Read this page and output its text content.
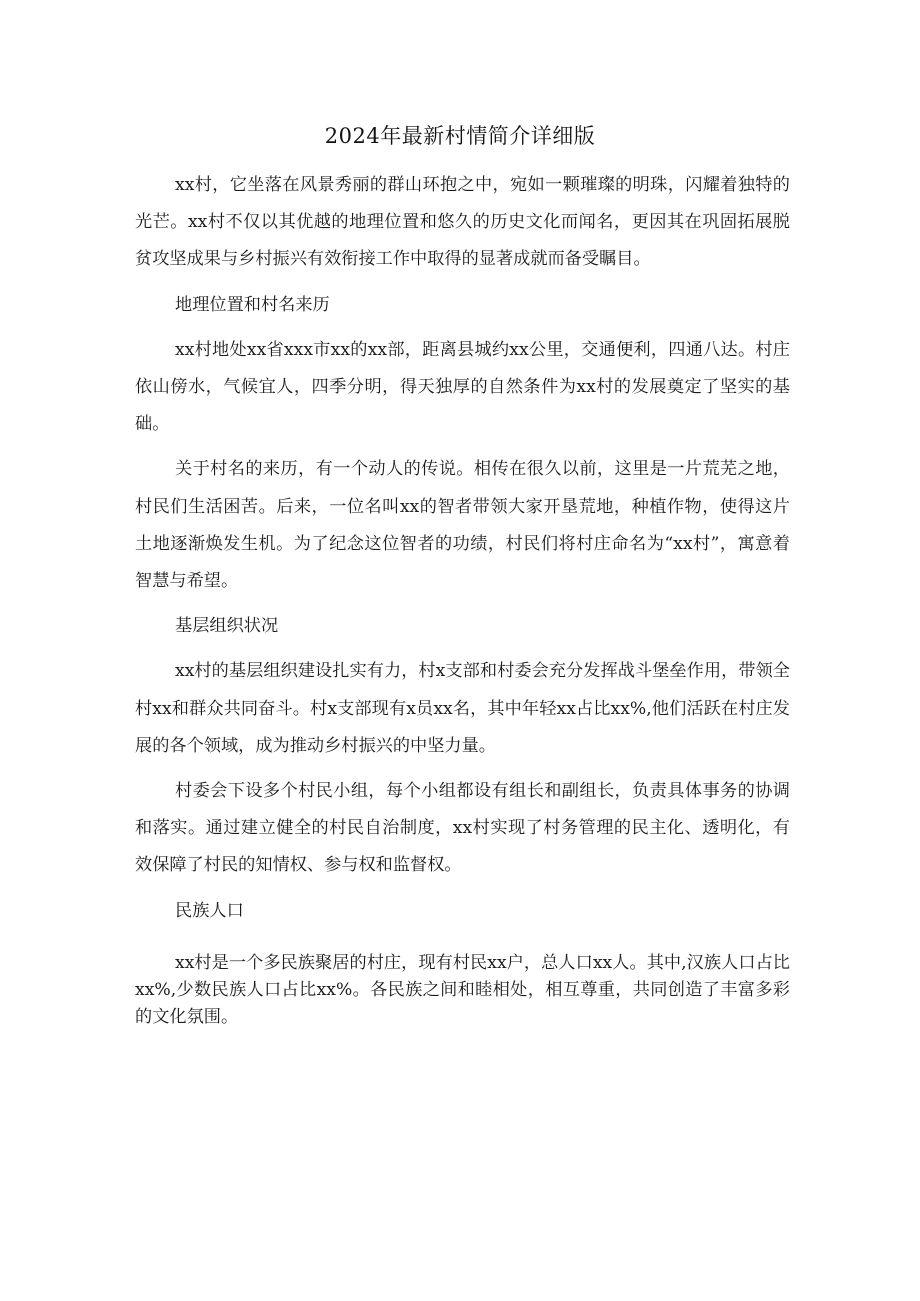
2024年最新村情简介详细版

xx村，它坐落在风景秀丽的群山环抱之中，宛如一颗璀璨的明珠，闪耀着独特的光芒。xx村不仅以其优越的地理位置和悠久的历史文化而闻名，更因其在巩固拓展脱贫攻坚成果与乡村振兴有效衔接工作中取得的显著成就而备受瞩目。

地理位置和村名来历

xx村地处xx省xxx市xx的xx部，距离县城约xx公里，交通便利，四通八达。村庄依山傍水，气候宜人，四季分明，得天独厚的自然条件为xx村的发展奠定了坚实的基础。

关于村名的来历，有一个动人的传说。相传在很久以前，这里是一片荒芜之地，村民们生活困苦。后来，一位名叫xx的智者带领大家开垦荒地，种植作物，使得这片土地逐渐焕发生机。为了纪念这位智者的功绩，村民们将村庄命名为“xx村”，寓意着智慧与希望。

基层组织状况

xx村的基层组织建设扎实有力，村x支部和村委会充分发挥战斗堡垒作用，带领全村xx和群众共同奋斗。村x支部现有x员xx名，其中年轻xx占比xx%,他们活跃在村庄发展的各个领域，成为推动乡村振兴的中坚力量。

村委会下设多个村民小组，每个小组都设有组长和副组长，负责具体事务的协调和落实。通过建立健全的村民自治制度，xx村实现了村务管理的民主化、透明化，有效保障了村民的知情权、参与权和监督权。

民族人口

xx村是一个多民族聚居的村庄，现有村民xx户，总人口xx人。其中,汉族人口占比xx%,少数民族人口占比xx%。各民族之间和睦相处，相互尊重，共同创造了丰富多彩的文化氛围。
